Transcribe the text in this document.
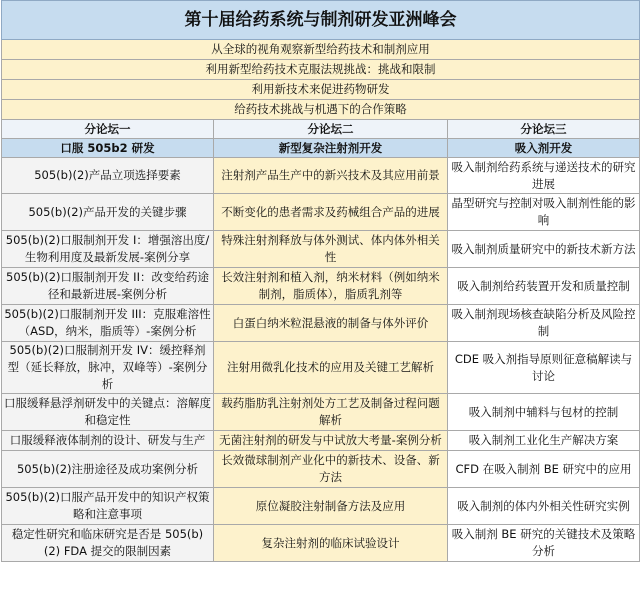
第十届给药系统与制剂研发亚洲峰会		
从全球的视角观察新型给药技术和制剂应用		
利用新型给药技术克服法规挑战：挑战和限制		
利用新技术来促进药物研发		
给药技术挑战与机遇下的合作策略		
分论坛一	分论坛二	分论坛三
口服 505b2 研发	新型复杂注射剂开发	吸入剂开发
505(b)(2)产品立项选择要素	注射剂产品生产中的新兴技术及其应用前景	吸入制剂给药系统与递送技术的研究进展
505(b)(2)产品开发的关键步骤	不断变化的患者需求及药械组合产品的进展	晶型研究与控制对吸入制剂性能的影响
505(b)(2)口服制剂开发 I：增强溶出度/生物利用度及最新发展-案例分享	特殊注射剂释放与体外测试、体内体外相关性	吸入制剂质量研究中的新技术新方法
505(b)(2)口服制剂开发 II：改变给药途径和最新进展-案例分析	长效注射剂和植入剂，纳米材料（例如纳米制剂，脂质体），脂质乳剂等	吸入制剂给药装置开发和质量控制
505(b)(2)口服制剂开发 III：克服难溶性（ASD，纳米，脂质等）-案例分析	白蛋白纳米粒混悬液的制备与体外评价	吸入制剂现场核查缺陷分析及风险控制
505(b)(2)口服制剂开发 IV：缓控释剂型（延长释放，脉冲，双峰等）-案例分析	注射用微乳化技术的应用及关键工艺解析	CDE 吸入剂指导原则征意稿解读与讨论
口服缓释悬浮剂研发中的关键点：溶解度和稳定性	载药脂肪乳注射剂处方工艺及制备过程问题解析	吸入制剂中辅料与包材的控制
口服缓释液体制剂的设计、研发与生产	无菌注射剂的研发与中试放大考量-案例分析	吸入制剂工业化生产解决方案
505(b)(2)注册途径及成功案例分析	长效微球制剂产业化中的新技术、设备、新方法	CFD 在吸入制剂 BE 研究中的应用
505(b)(2)口服产品开发中的知识产权策略和注意事项	原位凝胶注射制备方法及应用	吸入制剂的体内外相关性研究实例
稳定性研究和临床研究是否是 505(b)(2) FDA 提交的限制因素	复杂注射剂的临床试验设计	吸入制剂 BE 研究的关键技术及策略分析
